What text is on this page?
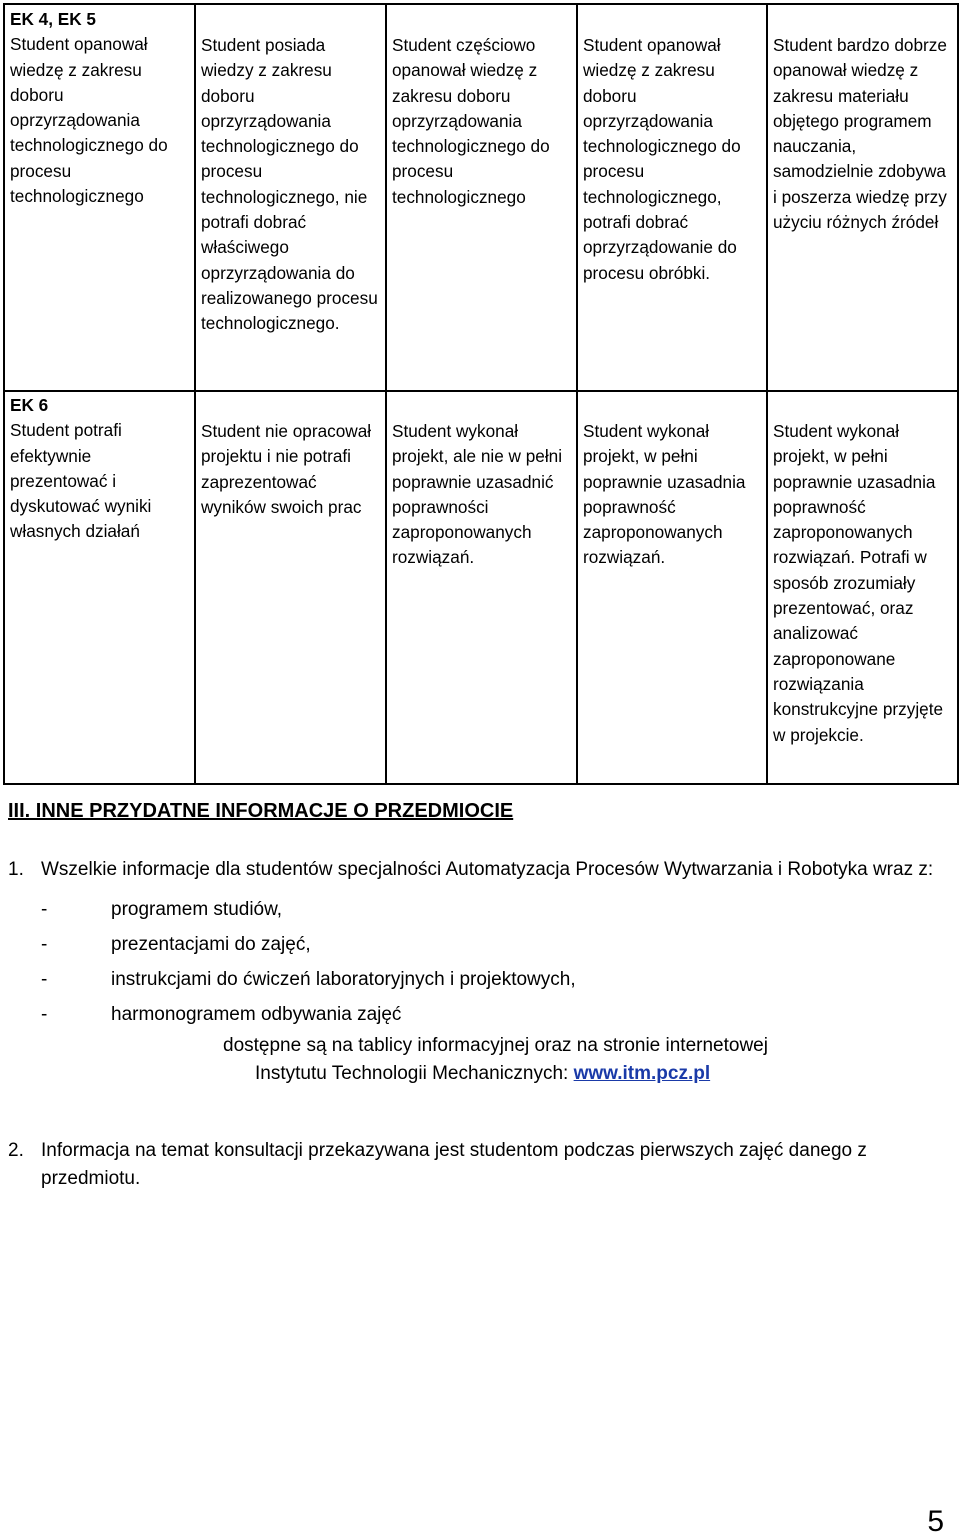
EK 4, EK 5
Student opanował wiedzę z zakresu doboru oprzyrządowania technologicznego do procesu technologicznego	Student posiada wiedzy z zakresu doboru oprzyrządowania technologicznego do procesu technologicznego, nie potrafi dobrać właściwego oprzyrządowania do realizowanego procesu technologicznego.	Student częściowo opanował wiedzę z zakresu doboru oprzyrządowania technologicznego do procesu technologicznego	Student opanował wiedzę z zakresu doboru oprzyrządowania technologicznego do procesu technologicznego, potrafi dobrać oprzyrządowanie do procesu obróbki.	Student bardzo dobrze opanował wiedzę z zakresu materiału objętego programem nauczania, samodzielnie zdobywa i poszerza wiedzę przy użyciu różnych źródeł

EK 6
Student potrafi efektywnie prezentować i dyskutować wyniki własnych działań	Student nie opracował projektu i nie potrafi zaprezentować wyników swoich prac	Student wykonał projekt, ale nie w pełni poprawnie uzasadnić poprawności zaproponowanych rozwiązań.	Student wykonał projekt, w pełni poprawnie uzasadnia poprawność zaproponowanych rozwiązań.	Student wykonał projekt, w pełni poprawnie uzasadnia poprawność zaproponowanych rozwiązań. Potrafi w sposób zrozumiały prezentować, oraz analizować zaproponowane rozwiązania konstrukcyjne przyjęte w projekcie.
III. INNE PRZYDATNE INFORMACJE O PRZEDMIOCIE
1. Wszelkie informacje dla studentów specjalności Automatyzacja Procesów Wytwarzania i Robotyka wraz z:
-	programem studiów,
-	prezentacjami do zajęć,
-	instrukcjami do ćwiczeń laboratoryjnych i projektowych,
-	harmonogramem odbywania zajęć
dostępne są na tablicy informacyjnej oraz na stronie internetowej
Instytutu Technologii Mechanicznych: www.itm.pcz.pl
2. Informacja na temat konsultacji przekazywana jest studentom podczas pierwszych zajęć danego z przedmiotu.
5
